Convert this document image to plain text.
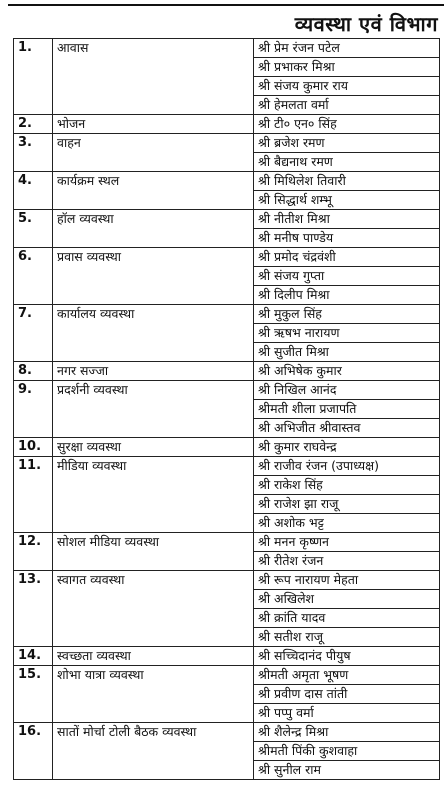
व्यवस्था एवं विभाग
1.	आवास	श्री प्रेम रंजन पटेल
		श्री प्रभाकर मिश्रा
		श्री संजय कुमार राय
		श्री हेमलता वर्मा
2.	भोजन	श्री टी० एन० सिंह
3.	वाहन	श्री ब्रजेश रमण
		श्री बैद्यनाथ रमण
4.	कार्यक्रम स्थल	श्री मिथिलेश तिवारी
		श्री सिद्धार्थ शम्भू
5.	हॉल व्यवस्था	श्री नीतीश मिश्रा
		श्री मनीष पाण्डेय
6.	प्रवास व्यवस्था	श्री प्रमोद चंद्रवंशी
		श्री संजय गुप्ता
		श्री दिलीप मिश्रा
7.	कार्यालय व्यवस्था	श्री मुकुल सिंह
		श्री ऋषभ नारायण
		श्री सुजीत मिश्रा
8.	नगर सज्जा	श्री अभिषेक कुमार
9.	प्रदर्शनी व्यवस्था	श्री निखिल आनंद
		श्रीमती शीला प्रजापति
		श्री अभिजीत श्रीवास्तव
10.	सुरक्षा व्यवस्था	श्री कुमार राघवेन्द्र
11.	मीडिया व्यवस्था	श्री राजीव रंजन (उपाध्यक्ष)
		श्री राकेश सिंह
		श्री राजेश झा राजू
		श्री अशोक भट्ट
12.	सोशल मीडिया व्यवस्था	श्री मनन कृष्णन
		श्री रीतेश रंजन
13.	स्वागत व्यवस्था	श्री रूप नारायण मेहता
		श्री अखिलेश
		श्री क्रांति यादव
		श्री सतीश राजू
14.	स्वच्छता व्यवस्था	श्री सच्चिदानंद पीयुष
15.	शोभा यात्रा व्यवस्था	श्रीमती अमृता भूषण
		श्री प्रवीण दास तांती
		श्री पप्पु वर्मा
16.	सातों मोर्चा टोली बैठक व्यवस्था	श्री शैलेन्द्र मिश्रा
		श्रीमती पिंकी कुशवाहा
		श्री सुनील राम
